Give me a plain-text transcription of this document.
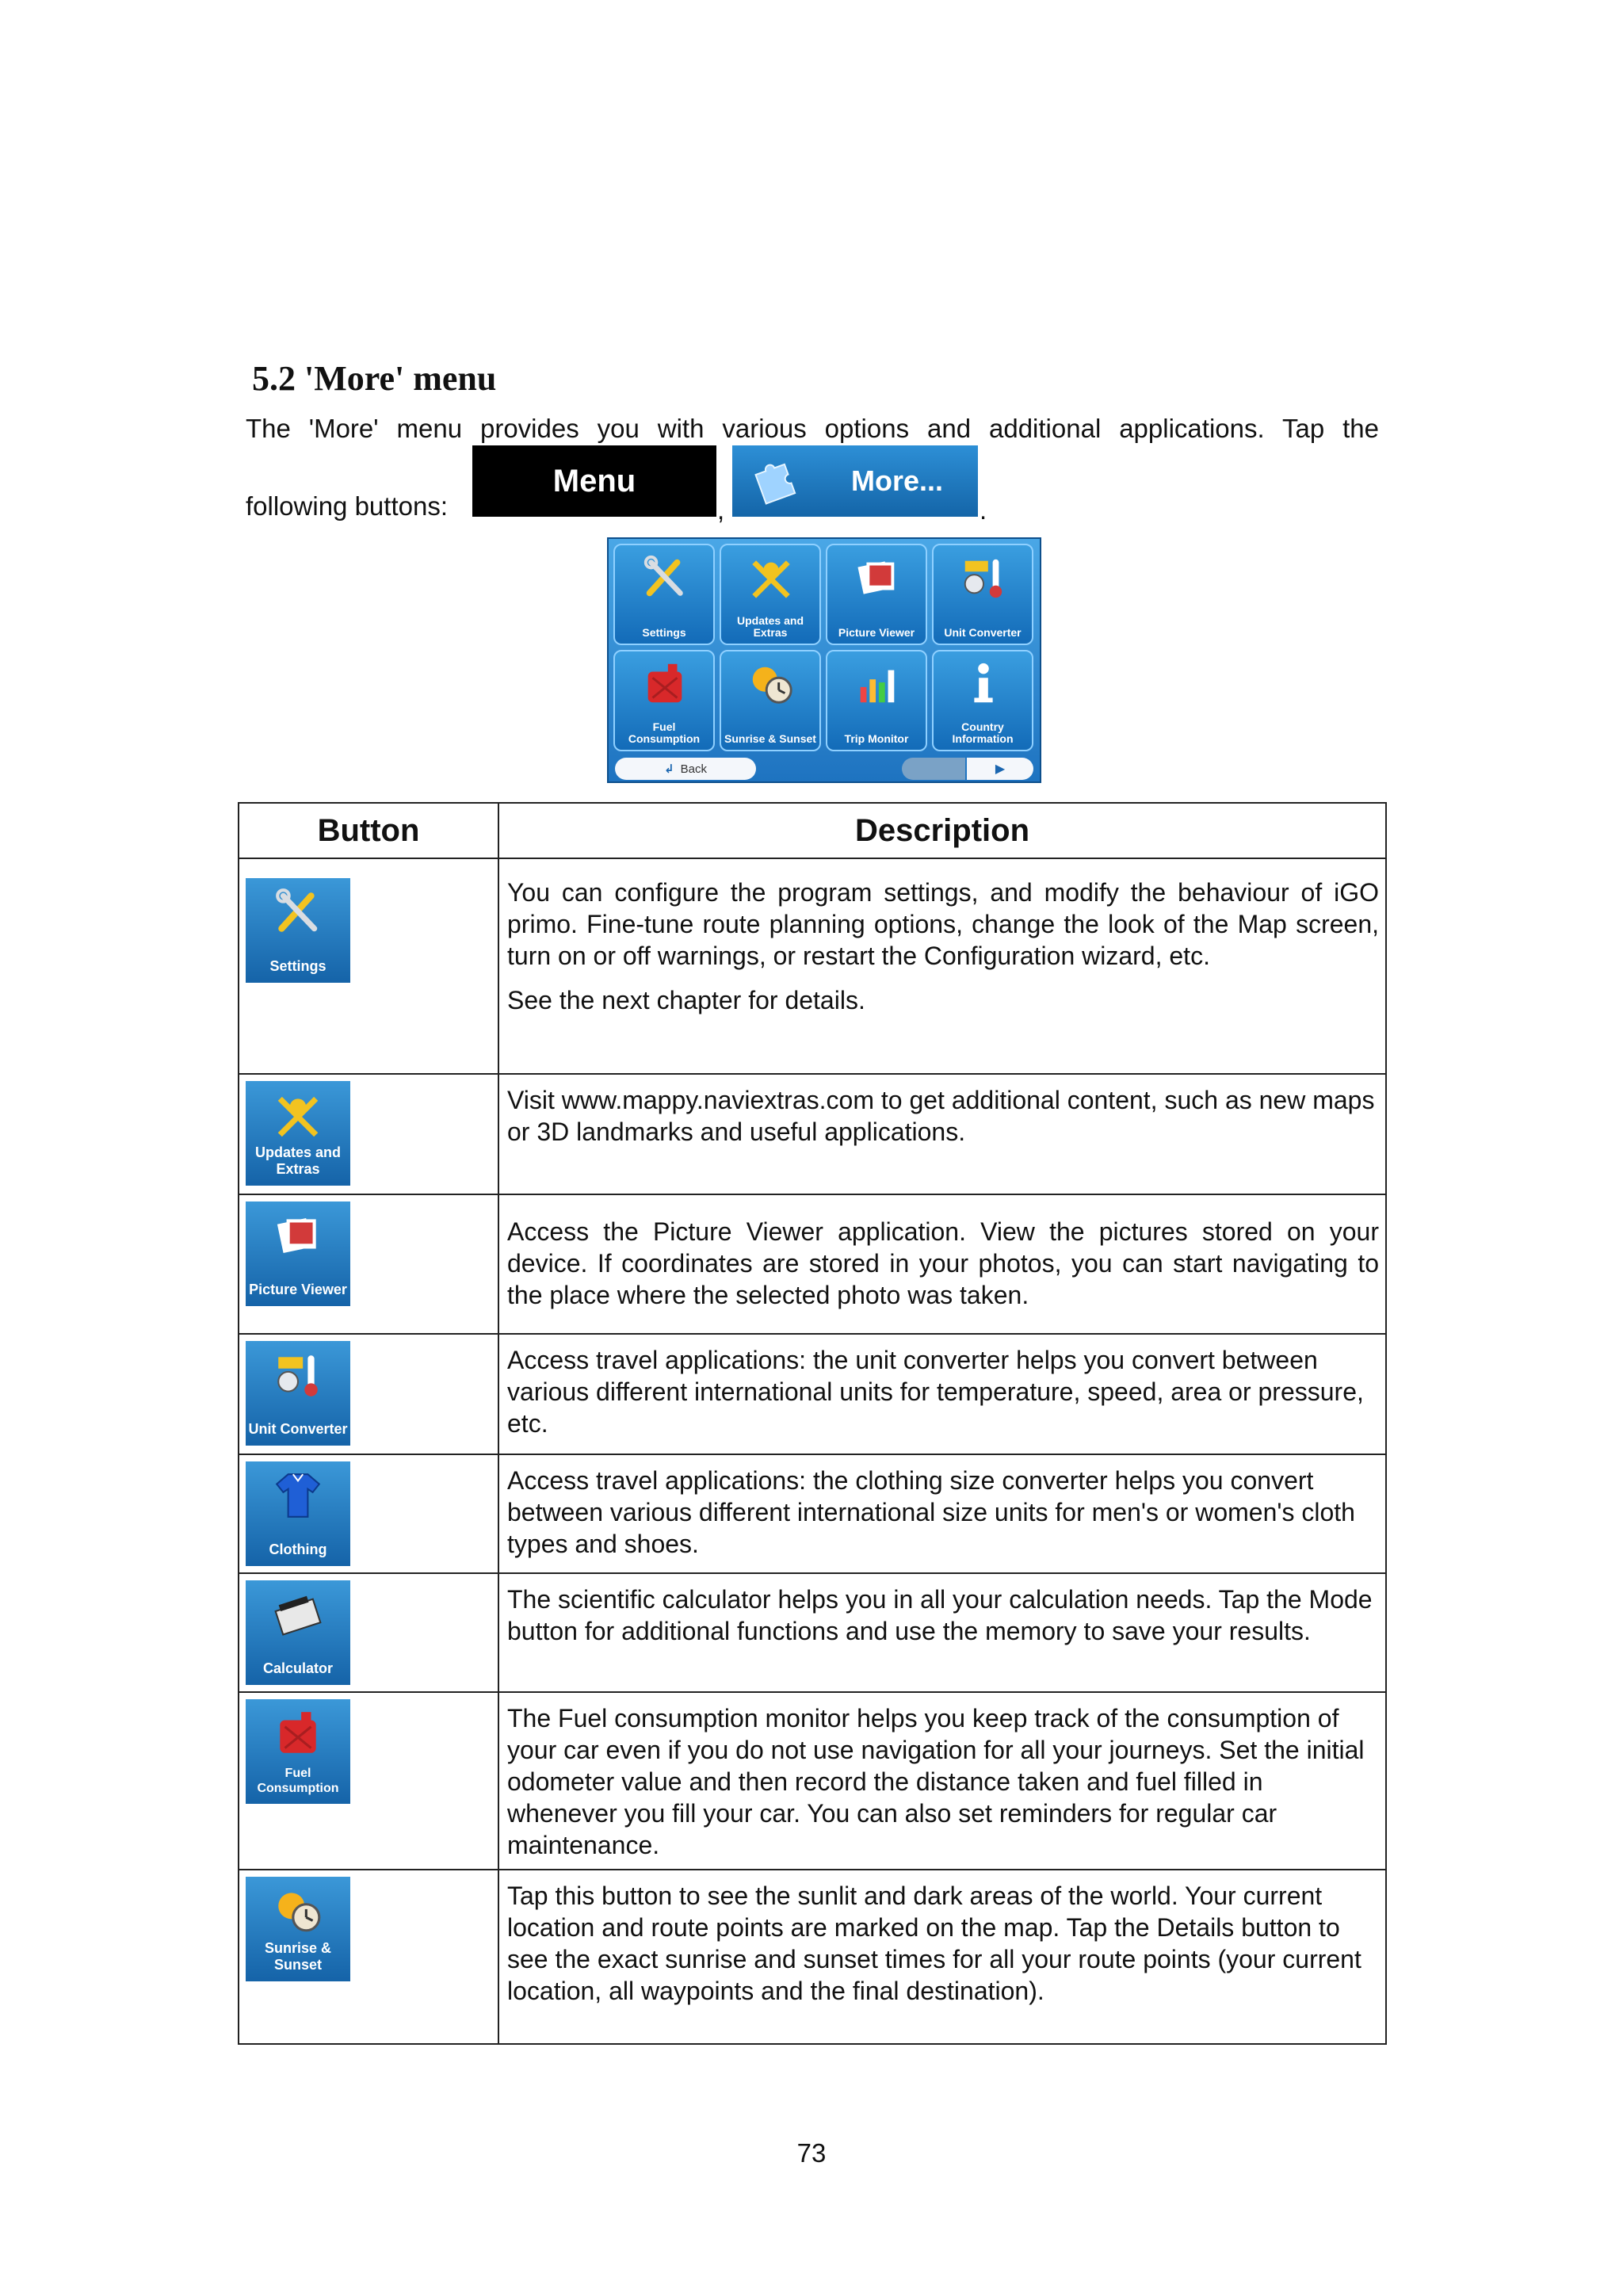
5.2 'More' menu
The 'More' menu provides you with various options and additional applications. Tap the
following buttons:
Menu
,
More...
.
Settings
Updates and Extras	Picture Viewer	Unit Converter
Fuel Consumption	Sunrise & Sunset	Trip Monitor
Country Information
↲ Back	▶
Button	Description

Settings	You can configure the program settings, and modify the behaviour of iGO primo. Fine-tune route planning options, change the look of the Map screen, turn on or off warnings, or restart the Configuration wizard, etc.
See the next chapter for details.

Updates and Extras	Visit www.mappy.naviextras.com to get additional content, such as new maps or 3D landmarks and useful applications.

Picture Viewer	Access the Picture Viewer application. View the pictures stored on your device. If coordinates are stored in your photos, you can start navigating to the place where the selected photo was taken.

Unit Converter	Access travel applications: the unit converter helps you convert between various different international units for temperature, speed, area or pressure, etc.

Clothing	Access travel applications: the clothing size converter helps you convert between various different international size units for men's or women's cloth types and shoes.

Calculator	The scientific calculator helps you in all your calculation needs. Tap the Mode button for additional functions and use the memory to save your results.

Fuel Consumption	The Fuel consumption monitor helps you keep track of the consumption of your car even if you do not use navigation for all your journeys. Set the initial odometer value and then record the distance taken and fuel filled in whenever you fill your car. You can also set reminders for regular car maintenance.

Sunrise & Sunset	Tap this button to see the sunlit and dark areas of the world. Your current location and route points are marked on the map. Tap the Details button to see the exact sunrise and sunset times for all your route points (your current location, all waypoints and the final destination).
73
